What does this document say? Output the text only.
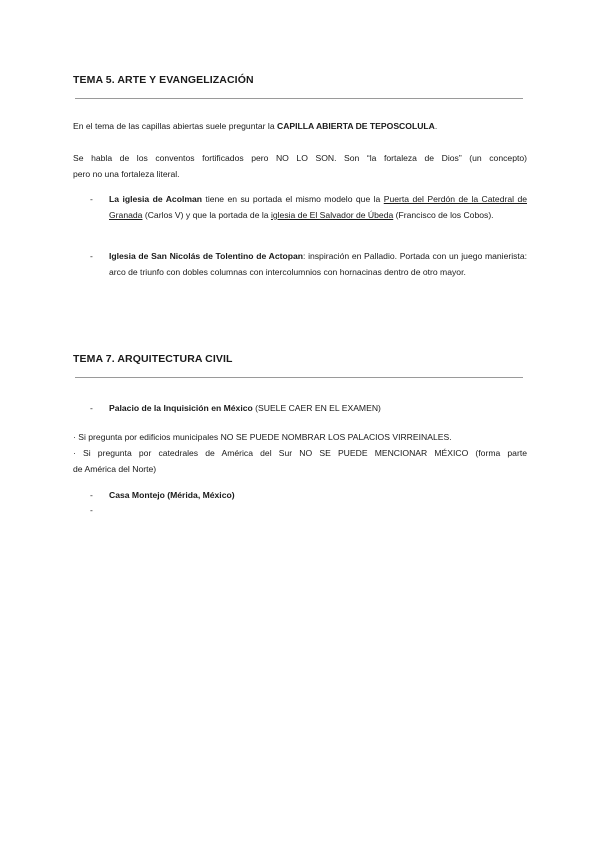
TEMA 5. ARTE Y EVANGELIZACIÓN
En el tema de las capillas abiertas suele preguntar la CAPILLA ABIERTA DE TEPOSCOLULA.
Se habla de los conventos fortificados pero NO LO SON. Son “la fortaleza de Dios” (un concepto)
pero no una fortaleza literal.
- La iglesia de Acolman tiene en su portada el mismo modelo que la Puerta del Perdón de la Catedral de Granada (Carlos V) y que la portada de la iglesia de El Salvador de Úbeda (Francisco de los Cobos).
- Iglesia de San Nicolás de Tolentino de Actopan: inspiración en Palladio. Portada con un juego manierista: arco de triunfo con dobles columnas con intercolumnios con hornacinas dentro de otro mayor.
TEMA 7. ARQUITECTURA CIVIL
- Palacio de la Inquisición en México (SUELE CAER EN EL EXAMEN)
· Si pregunta por edificios municipales NO SE PUEDE NOMBRAR LOS PALACIOS VIRREINALES.
· Si pregunta por catedrales de América del Sur NO SE PUEDE MENCIONAR MÉXICO (forma parte
de América del Norte)
- Casa Montejo (Mérida, México)
-
